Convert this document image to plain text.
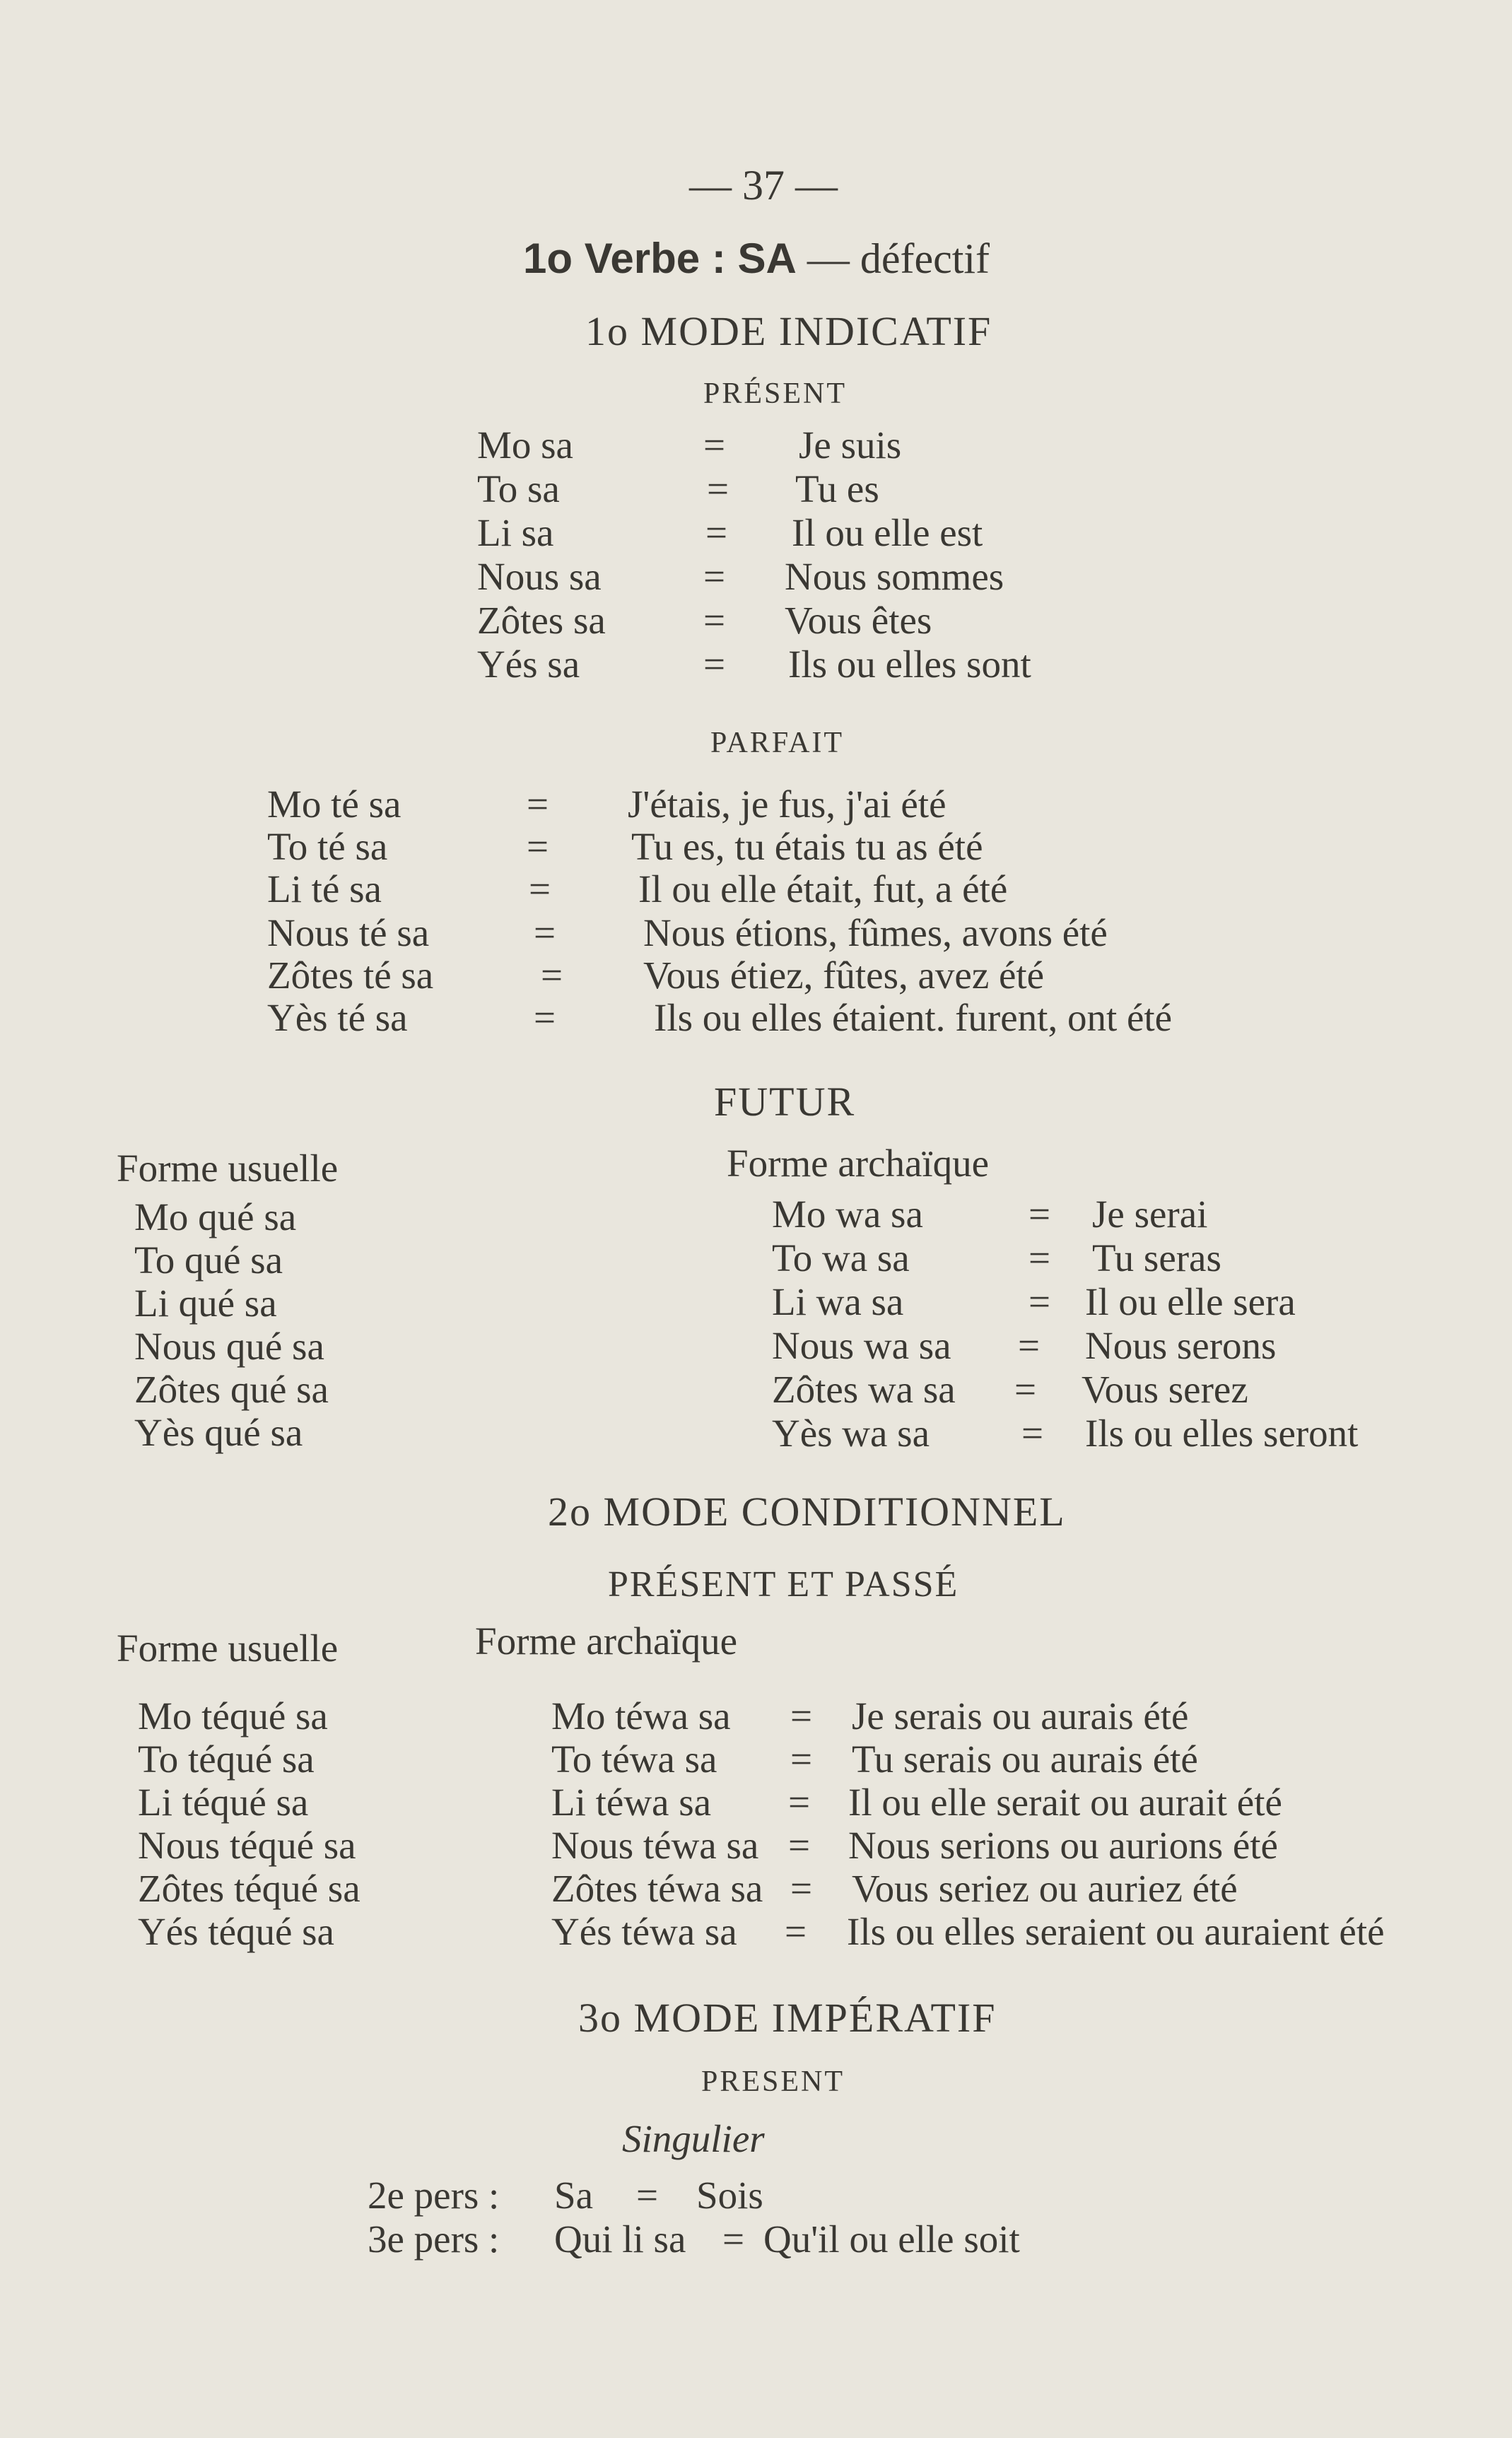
— 37 —
1o Verbe : SA — défectif
1o MODE INDICATIF
PRÉSENT
Mo sa	= Je suis
To sa	= Tu es
Li sa	= Il ou elle est
Nous sa	= Nous sommes
Zôtes sa	= Vous êtes
Yés sa	= Ils ou elles sont
PARFAIT
Mo té sa	= J'étais, je fus, j'ai été
To té sa	= Tu es, tu étais tu as été
Li té sa	= Il ou elle était, fut, a été
Nous té sa	= Nous étions, fûmes, avons été
Zôtes té sa	= Vous étiez, fûtes, avez été
Yès té sa	=	Ils ou elles étaient. furent, ont été
FUTUR
Forme usuelle
Mo qué sa
To qué sa
Li qué sa
Nous qué sa
Zôtes qué sa
Yès qué sa
Forme archaïque
Mo wa sa	= Je serai
To wa sa	= Tu seras
Li wa sa	= Il ou elle sera
Nous wa sa = Nous serons
Zôtes wa sa = Vous serez
Yès wa sa = Ils ou elles seront
2o MODE CONDITIONNEL
PRÉSENT ET PASSÉ
Forme usuelle	Forme archaïque
Mo téqué sa
To téqué sa
Li téqué sa
Nous téqué sa
Zôtes téqué sa
Yés téqué sa
Mo téwa sa = Je serais ou aurais été
To téwa sa = Tu serais ou aurais été
Li téwa sa = Il ou elle serait ou aurait été
Nous téwa sa = Nous serions ou aurions été
Zôtes téwa sa = Vous seriez ou auriez été
Yés téwa sa = Ils ou elles seraient ou auraient été
3o MODE IMPÉRATIF
PRESENT
Singulier
2e pers : Sa = Sois
3e pers : Qui li sa = Qu'il ou elle soit
